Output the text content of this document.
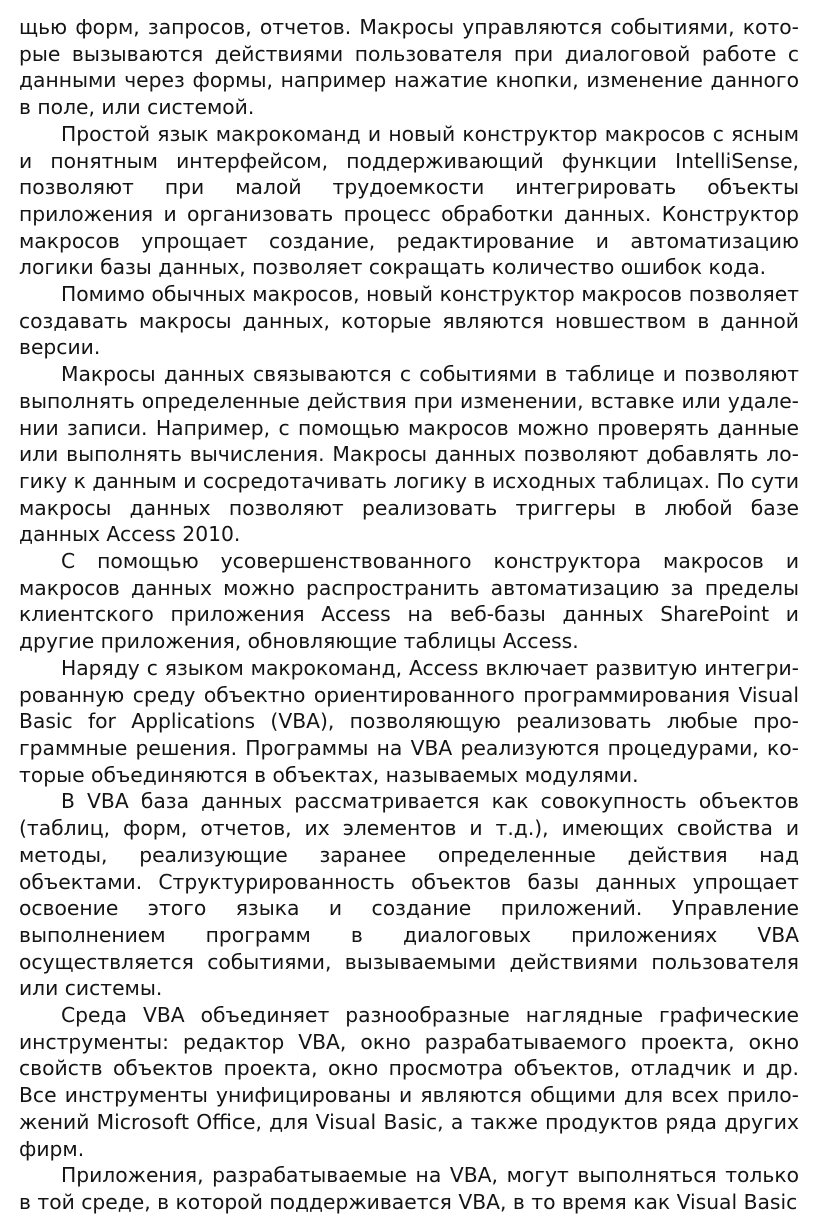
щью форм, запросов, отчетов. Макросы управляются событиями, которые вызываются действиями пользователя при диалоговой работе с данными через формы, например нажатие кнопки, изменение данного в поле, или системой.

Простой язык макрокоманд и новый конструктор макросов с ясным и понятным интерфейсом, поддерживающий функции IntelliSense, позволяют при малой трудоемкости интегрировать объекты приложения и организовать процесс обработки данных. Конструктор макросов упрощает создание, редактирование и автоматизацию логики базы данных, позволяет сокращать количество ошибок кода.

Помимо обычных макросов, новый конструктор макросов позволяет создавать макросы данных, которые являются новшеством в данной версии.

Макросы данных связываются с событиями в таблице и позволяют выполнять определенные действия при изменении, вставке или удалении записи. Например, с помощью макросов можно проверять данные или выполнять вычисления. Макросы данных позволяют добавлять ло- гику к данным и сосредотачивать логику в исходных таблицах. По сути макросы данных позволяют реализовать триггеры в любой базе данных Access 2010.

С помощью усовершенствованного конструктора макросов и макросов данных можно распространить автоматизацию за пределы клиентского приложения Access на веб-базы данных SharePoint и другие приложения, обновляющие таблицы Access.

Наряду с языком макрокоманд, Access включает развитую интегрированную среду объектно ориентированного программирования Visual Basic for Applications (VBA), позволяющую реализовать любые программные решения. Программы на VBA реализуются процедурами, которые объединяются в объектах, называемых модулями.

В VBA база данных рассматривается как совокупность объектов (таблиц, форм, отчетов, их элементов и т.д.), имеющих свойства и методы, реализующие заранее определенные действия над объектами. Структурированность объектов базы данных упрощает освоение этого языка и создание приложений. Управление выполнением программ в диалоговых приложениях VBA осуществляется событиями, вызываемыми действиями пользователя или системы.

Среда VBA объединяет разнообразные наглядные графические инструменты: редактор VBA, окно разрабатываемого проекта, окно свойств объектов проекта, окно просмотра объектов, отладчик и др. Все инструменты унифицированы и являются общими для всех приложений Microsoft Office, для Visual Basic, а также продуктов ряда других фирм.

Приложения, разрабатываемые на VBA, могут выполняться только в той среде, в которой поддерживается VBA, в то время как Visual Basic
